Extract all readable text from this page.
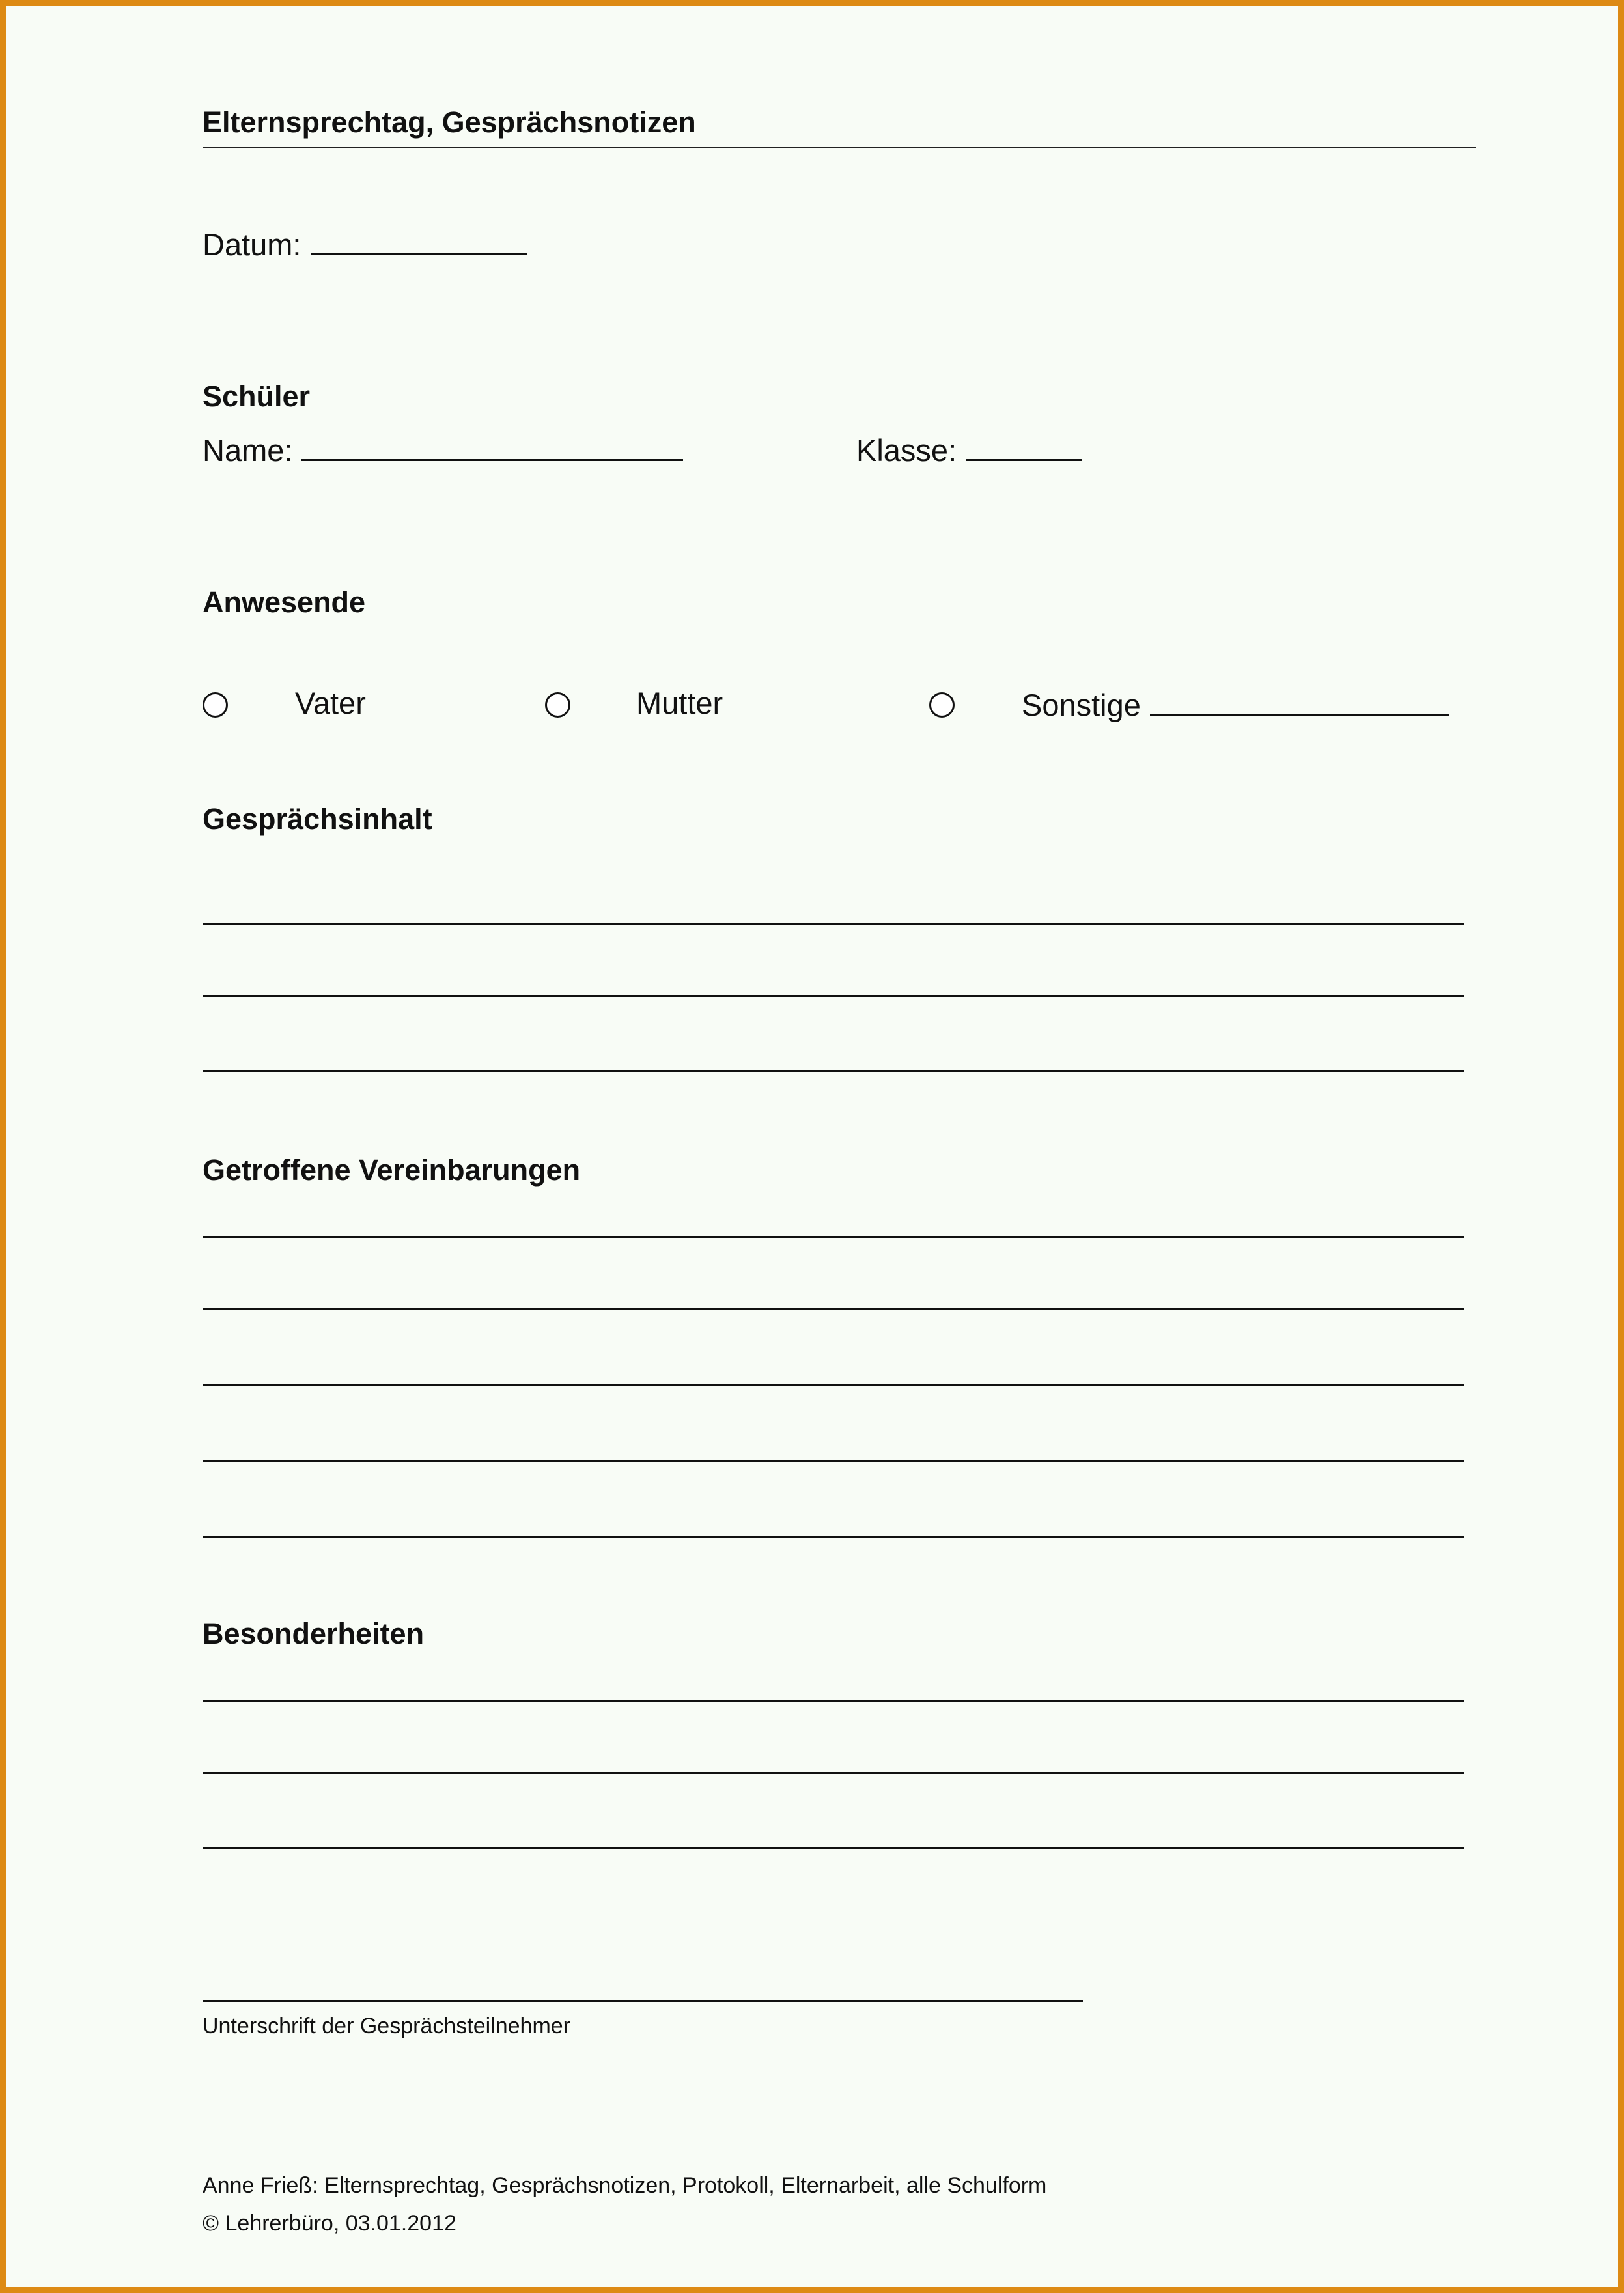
Elternsprechtag, Gesprächsnotizen
Datum:
Schüler
Name:	Klasse:
Anwesende
Vater	Mutter	Sonstige
Gesprächsinhalt
Getroffene Vereinbarungen
Besonderheiten
Unterschrift der Gesprächsteilnehmer
Anne Frieß: Elternsprechtag, Gesprächsnotizen, Protokoll, Elternarbeit, alle Schulform
© Lehrerbüro, 03.01.2012
